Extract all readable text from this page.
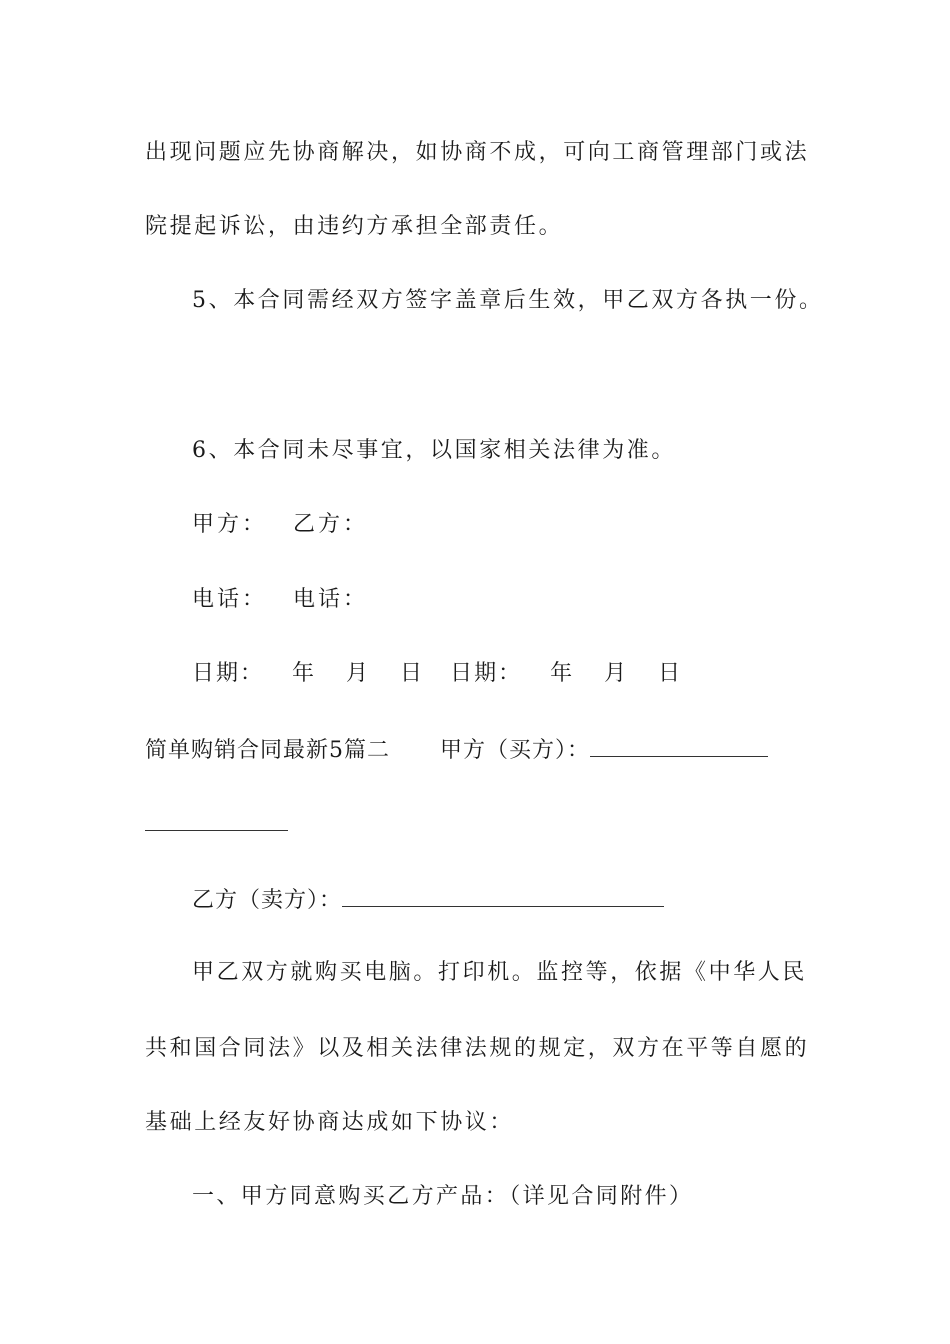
出现问题应先协商解决，如协商不成，可向工商管理部门或法
院提起诉讼，由违约方承担全部责任。
5、本合同需经双方签字盖章后生效，甲乙双方各执一份。
6、本合同未尽事宜，以国家相关法律为准。
甲方： 乙方：
电话： 电话：
日期： 年 月 日 日期： 年 月 日
简单购销合同最新5篇二 甲方（买方）：
乙方（卖方）：
甲乙双方就购买电脑。打印机。监控等，依据《中华人民
共和国合同法》以及相关法律法规的规定，双方在平等自愿的
基础上经友好协商达成如下协议：
一、甲方同意购买乙方产品：（详见合同附件）
